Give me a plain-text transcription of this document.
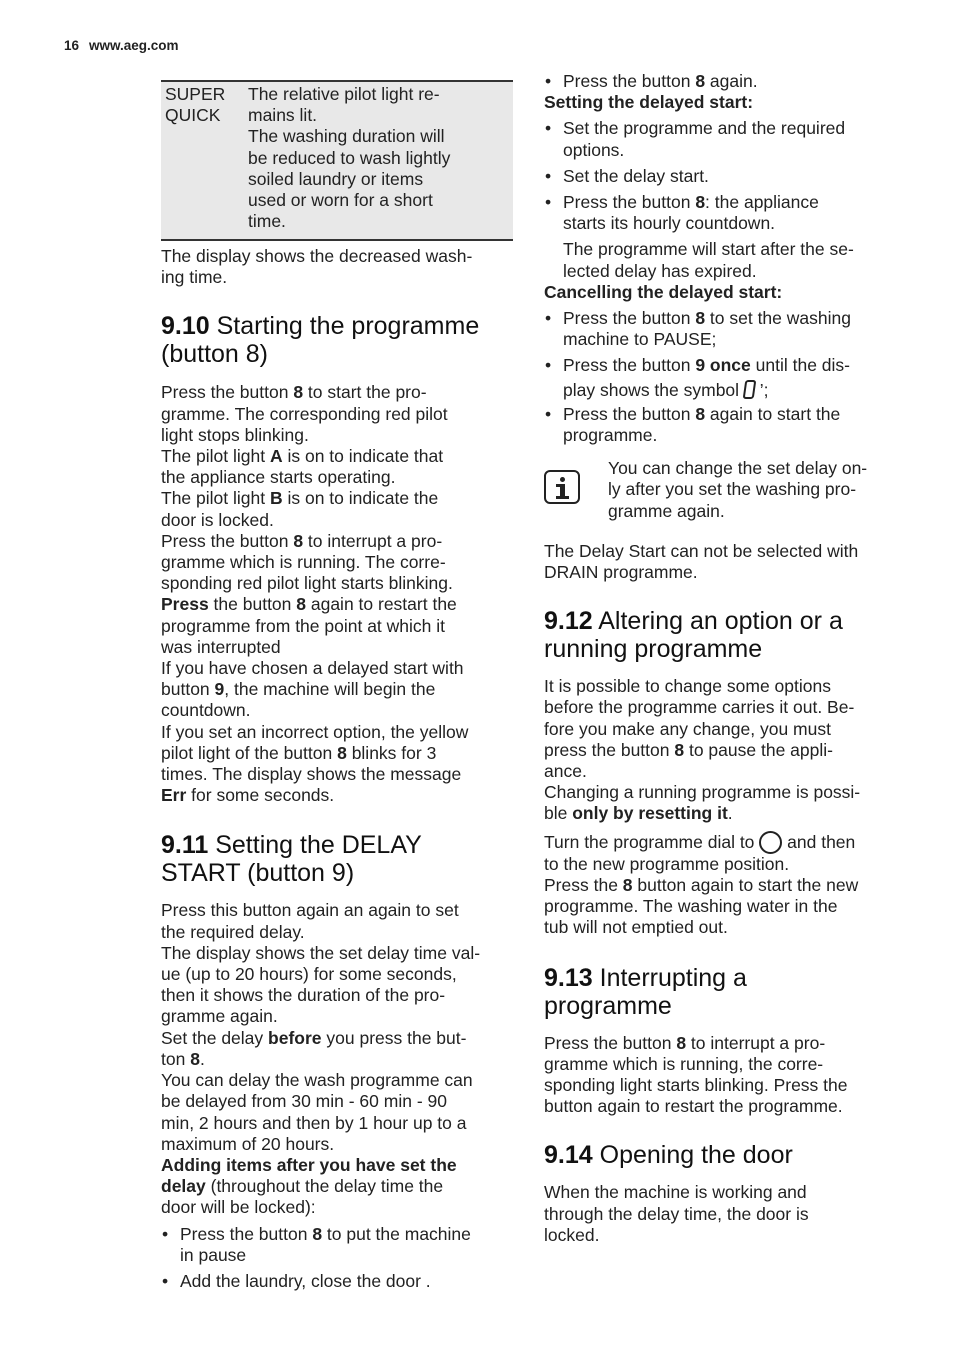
16 www.aeg.com
SUPER
QUICK
The relative pilot light re-
mains lit.
The washing duration will
be reduced to wash lightly
soiled laundry or items
used or worn for a short
time.
The display shows the decreased wash-
ing time.
9.10 Starting the programme
(button 8)
Press the button 8 to start the pro-
gramme. The corresponding red pilot
light stops blinking.
The pilot light A is on to indicate that
the appliance starts operating.
The pilot light B is on to indicate the
door is locked.
Press the button 8 to interrupt a pro-
gramme which is running. The corre-
sponding red pilot light starts blinking.
Press the button 8 again to restart the
programme from the point at which it
was interrupted
If you have chosen a delayed start with
button 9, the machine will begin the
countdown.
If you set an incorrect option, the yellow
pilot light of the button 8 blinks for 3
times. The display shows the message
Err for some seconds.
9.11 Setting the DELAY
START (button 9)
Press this button again an again to set
the required delay.
The display shows the set delay time val-
ue (up to 20 hours) for some seconds,
then it shows the duration of the pro-
gramme again.
Set the delay before you press the but-
ton 8.
You can delay the wash programme can
be delayed from 30 min - 60 min - 90
min, 2 hours and then by 1 hour up to a
maximum of 20 hours.
Adding items after you have set the
delay (throughout the delay time the
door will be locked):
• Press the button 8 to put the machine
in pause
• Add the laundry, close the door .
• Press the button 8 again.
Setting the delayed start:
• Set the programme and the required
options.
• Set the delay start.
• Press the button 8: the appliance
starts its hourly countdown.
The programme will start after the se-
lected delay has expired.
Cancelling the delayed start:
• Press the button 8 to set the washing
machine to PAUSE;
• Press the button 9 once until the dis-
play shows the symbol  ’;
• Press the button 8 again to start the
programme.
You can change the set delay on-
ly after you set the washing pro-
gramme again.
The Delay Start can not be selected with
DRAIN programme.
9.12 Altering an option or a
running programme
It is possible to change some options
before the programme carries it out. Be-
fore you make any change, you must
press the button 8 to pause the appli-
ance.
Changing a running programme is possi-
ble only by resetting it.
Turn the programme dial to  and then
to the new programme position.
Press the 8 button again to start the new
programme. The washing water in the
tub will not emptied out.
9.13 Interrupting a
programme
Press the button 8 to interrupt a pro-
gramme which is running, the corre-
sponding light starts blinking. Press the
button again to restart the programme.
9.14 Opening the door
When the machine is working and
through the delay time, the door is
locked.
